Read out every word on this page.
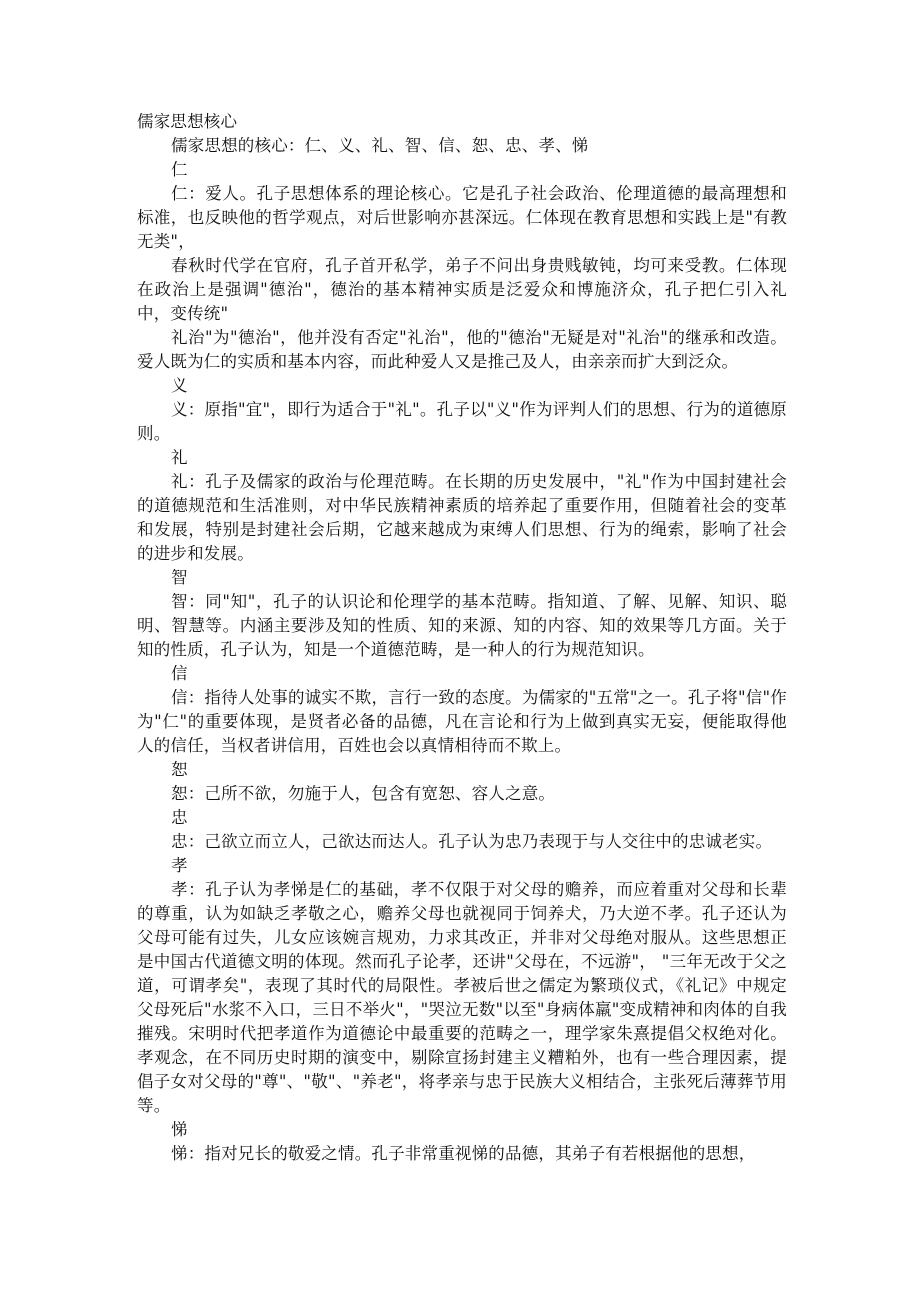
儒家思想核心

儒家思想的核心：仁、义、礼、智、信、恕、忠、孝、悌

仁

仁：爱人。孔子思想体系的理论核心。它是孔子社会政治、伦理道德的最高理想和标准，也反映他的哲学观点，对后世影响亦甚深远。仁体现在教育思想和实践上是"有教无类"，

春秋时代学在官府，孔子首开私学，弟子不问出身贵贱敏钝，均可来受教。仁体现在政治上是强调"德治"，德治的基本精神实质是泛爱众和博施济众，孔子把仁引入礼中，变传统"

礼治"为"德治"，他并没有否定"礼治"，他的"德治"无疑是对"礼治"的继承和改造。爱人既为仁的实质和基本内容，而此种爱人又是推己及人，由亲亲而扩大到泛众。

义

义：原指"宜"，即行为适合于"礼"。孔子以"义"作为评判人们的思想、行为的道德原则。

礼

礼：孔子及儒家的政治与伦理范畴。在长期的历史发展中，"礼"作为中国封建社会的道德规范和生活准则，对中华民族精神素质的培养起了重要作用，但随着社会的变革和发展，特别是封建社会后期，它越来越成为束缚人们思想、行为的绳索，影响了社会的进步和发展。

智

智：同"知"，孔子的认识论和伦理学的基本范畴。指知道、了解、见解、知识、聪明、智慧等。内涵主要涉及知的性质、知的来源、知的内容、知的效果等几方面。关于知的性质，孔子认为，知是一个道德范畴，是一种人的行为规范知识。

信

信：指待人处事的诚实不欺，言行一致的态度。为儒家的"五常"之一。孔子将"信"作为"仁"的重要体现，是贤者必备的品德，凡在言论和行为上做到真实无妄，便能取得他人的信任，当权者讲信用，百姓也会以真情相待而不欺上。

恕

恕：己所不欲，勿施于人，包含有宽恕、容人之意。

忠

忠：己欲立而立人，己欲达而达人。孔子认为忠乃表现于与人交往中的忠诚老实。

孝

孝：孔子认为孝悌是仁的基础，孝不仅限于对父母的赡养，而应着重对父母和长辈的尊重，认为如缺乏孝敬之心，赡养父母也就视同于饲养犬，乃大逆不孝。孔子还认为父母可能有过失，儿女应该婉言规劝，力求其改正，并非对父母绝对服从。这些思想正是中国古代道德文明的体现。然而孔子论孝，还讲"父母在，不远游"， "三年无改于父之道，可谓孝矣"，表现了其时代的局限性。孝被后世之儒定为繁琐仪式，《礼记》中规定父母死后"水浆不入口，三日不举火"，"哭泣无数"以至"身病体羸"变成精神和肉体的自我摧残。宋明时代把孝道作为道德论中最重要的范畴之一，理学家朱熹提倡父权绝对化。孝观念，在不同历史时期的演变中，剔除宣扬封建主义糟粕外，也有一些合理因素，提倡子女对父母的"尊"、"敬"、"养老"，将孝亲与忠于民族大义相结合，主张死后薄葬节用等。

悌

悌：指对兄长的敬爱之情。孔子非常重视悌的品德，其弟子有若根据他的思想，
